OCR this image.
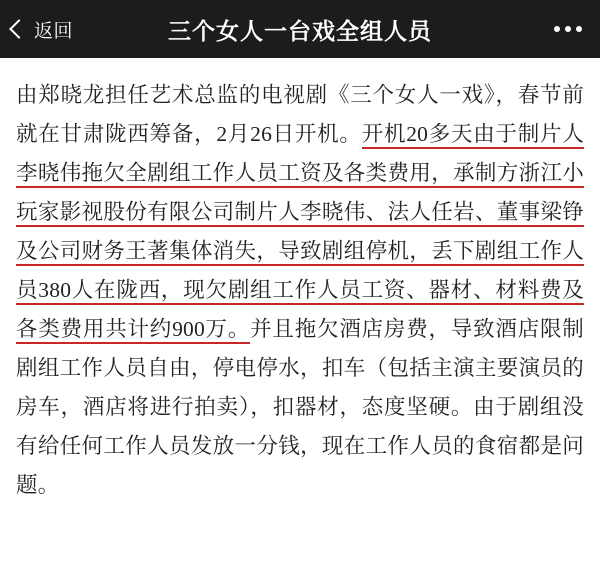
返回	三个女人一台戏全组人员

由郑晓龙担任艺术总监的电视剧《三个女人一戏》，春节前就在甘肃陇西筹备，2月26日开机。开机20多天由于制片人李晓伟拖欠全剧组工作人员工资及各类费用，承制方浙江小玩家影视股份有限公司制片人李晓伟、法人任岩、董事梁铮及公司财务王著集体消失，导致剧组停机，丢下剧组工作人员380人在陇西，现欠剧组工作人员工资、器材、材料费及各类费用共计约900万。并且拖欠酒店房费，导致酒店限制剧组工作人员自由，停电停水，扣车（包括主演主要演员的房车，酒店将进行拍卖），扣器材，态度坚硬。由于剧组没有给任何工作人员发放一分钱，现在工作人员的食宿都是问题。
